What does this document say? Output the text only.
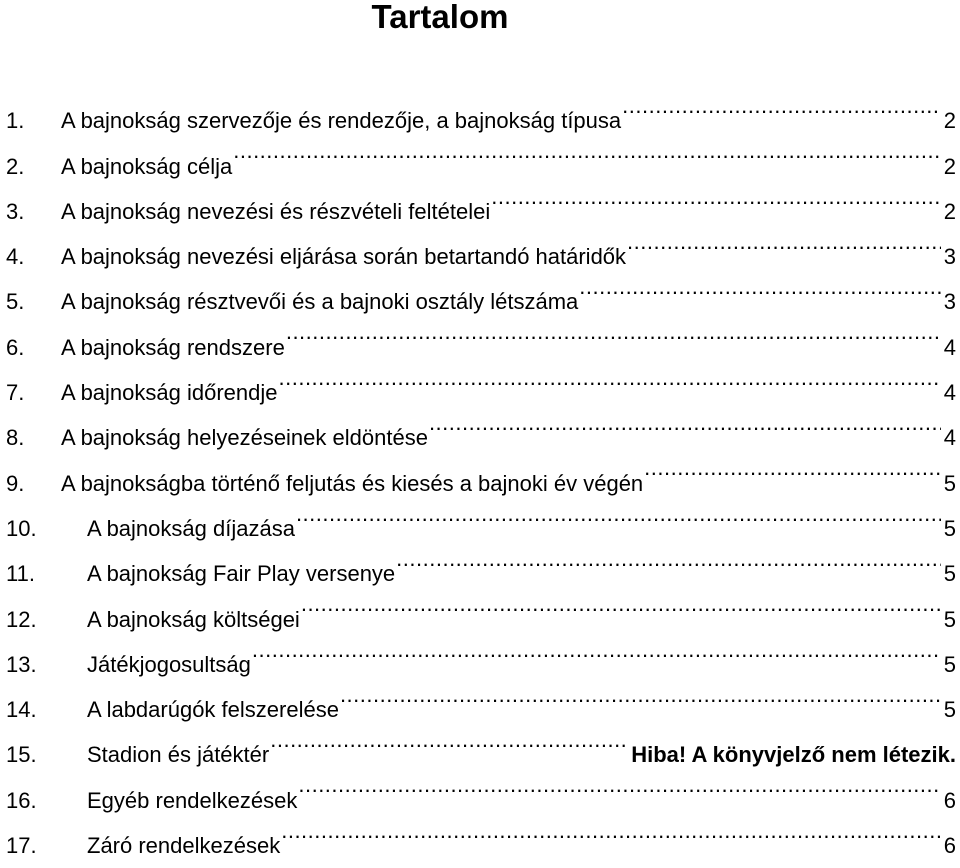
Tartalom
1.	A bajnokság szervezője és rendezője, a bajnokság típusa .....	2
2.	A bajnokság célja .....	2
3.	A bajnokság nevezési és részvételi feltételei .....	2
4.	A bajnokság nevezési eljárása során betartandó határidők .....	3
5.	A bajnokság résztvevői és a bajnoki osztály létszáma .....	3
6.	A bajnokság rendszere .....	4
7.	A bajnokság időrendje .....	4
8.	A bajnokság helyezéseinek eldöntése .....	4
9.	A bajnokságba történő feljutás és kiesés a bajnoki év végén .....	5
10.	A bajnokság díjazása .....	5
11.	A bajnokság Fair Play versenye .....	5
12.	A bajnokság költségei .....	5
13.	Játékjogosultság .....	5
14.	A labdarúgók felszerelése .....	5
15.	Stadion és játéktér .....	Hiba! A könyvjelző nem létezik.
16.	Egyéb rendelkezések .....	6
17.	Záró rendelkezések .....	6
